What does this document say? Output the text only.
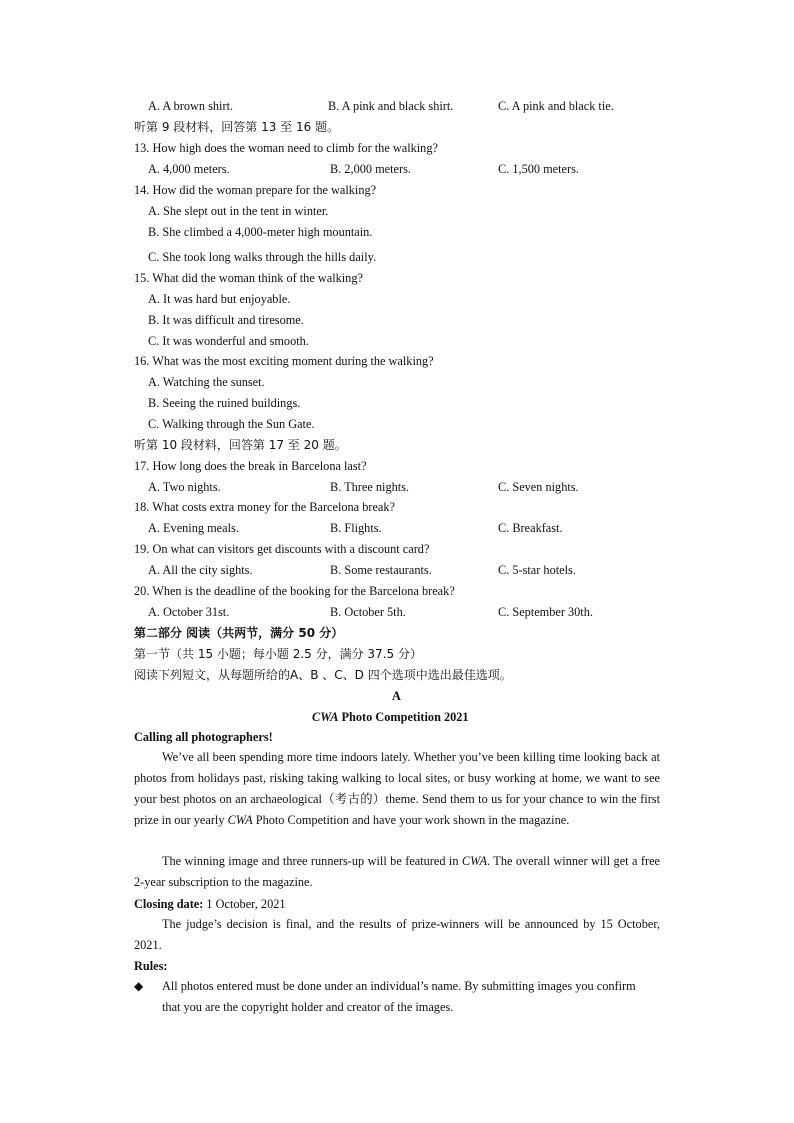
A. A brown shirt.	B. A pink and black shirt.	C. A pink and black tie.
听第 9 段材料，回答第 13 至 16 题。
13. How high does the woman need to climb for the walking?
A. 4,000 meters.	B. 2,000 meters.	C. 1,500 meters.
14. How did the woman prepare for the walking?
A. She slept out in the tent in winter.
B. She climbed a 4,000-meter high mountain.
C. She took long walks through the hills daily.
15. What did the woman think of the walking?
A. It was hard but enjoyable.
B. It was difficult and tiresome.
C. It was wonderful and smooth.
16. What was the most exciting moment during the walking?
A. Watching the sunset.
B. Seeing the ruined buildings.
C. Walking through the Sun Gate.
听第 10 段材料，回答第 17 至 20 题。
17. How long does the break in Barcelona last?
A. Two nights.	B. Three nights.	C. Seven nights.
18. What costs extra money for the Barcelona break?
A. Evening meals.	B. Flights.	C. Breakfast.
19. On what can visitors get discounts with a discount card?
A. All the city sights.	B. Some restaurants.	C. 5-star hotels.
20. When is the deadline of the booking for the Barcelona break?
A. October 31st.	B. October 5th.	C. September 30th.
第二部分 阅读（共两节，满分 50 分）
第一节（共 15 小题；每小题 2.5 分，满分 37.5 分）
阅读下列短文，从每题所给的A、B 、C、D 四个选项中选出最佳选项。
A
CWA Photo Competition 2021
Calling all photographers!
We’ve all been spending more time indoors lately. Whether you’ve been killing time looking back at photos from holidays past, risking taking walking to local sites, or busy working at home, we want to see your best photos on an archaeological（考古的）theme. Send them to us for your chance to win the first prize in our yearly CWA Photo Competition and have your work shown in the magazine.
The winning image and three runners-up will be featured in CWA. The overall winner will get a free 2-year subscription to the magazine.
Closing date: 1 October, 2021
The judge’s decision is final, and the results of prize-winners will be announced by 15 October, 2021.
Rules:
◆ All photos entered must be done under an individual’s name. By submitting images you confirm that you are the copyright holder and creator of the images.
